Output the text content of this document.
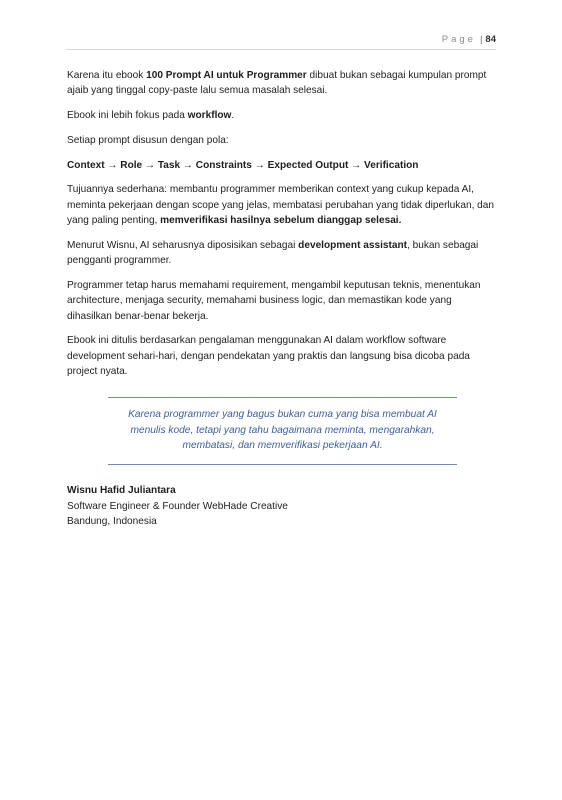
Page | 84

Karena itu ebook 100 Prompt AI untuk Programmer dibuat bukan sebagai kumpulan prompt ajaib yang tinggal copy-paste lalu semua masalah selesai.

Ebook ini lebih fokus pada workflow.

Setiap prompt disusun dengan pola:

Context → Role → Task → Constraints → Expected Output → Verification

Tujuannya sederhana: membantu programmer memberikan context yang cukup kepada AI, meminta pekerjaan dengan scope yang jelas, membatasi perubahan yang tidak diperlukan, dan yang paling penting, memverifikasi hasilnya sebelum dianggap selesai.

Menurut Wisnu, AI seharusnya diposisikan sebagai development assistant, bukan sebagai pengganti programmer.

Programmer tetap harus memahami requirement, mengambil keputusan teknis, menentukan architecture, menjaga security, memahami business logic, dan memastikan kode yang dihasilkan benar-benar bekerja.

Ebook ini ditulis berdasarkan pengalaman menggunakan AI dalam workflow software development sehari-hari, dengan pendekatan yang praktis dan langsung bisa dicoba pada project nyata.

Karena programmer yang bagus bukan cuma yang bisa membuat AI menulis kode, tetapi yang tahu bagaimana meminta, mengarahkan, membatasi, dan memverifikasi pekerjaan AI.
Wisnu Hafid Juliantara
Software Engineer & Founder WebHade Creative
Bandung, Indonesia
